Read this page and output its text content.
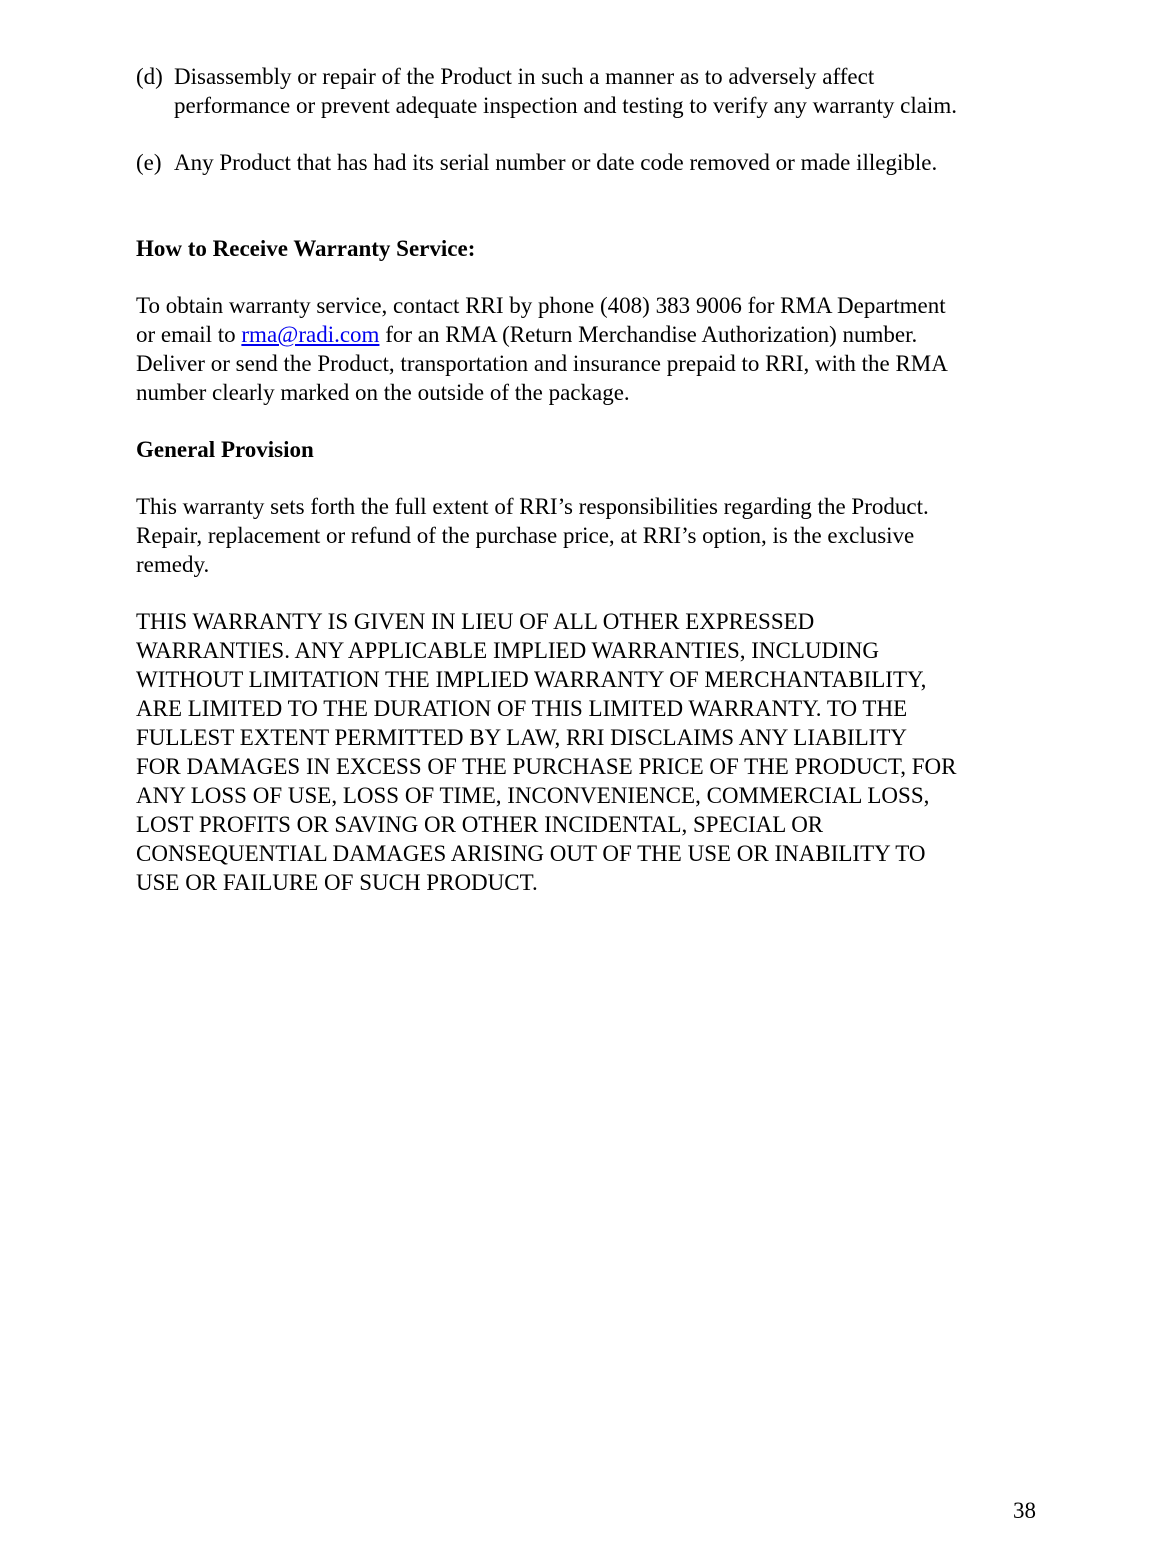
(d) Disassembly or repair of the Product in such a manner as to adversely affect
performance or prevent adequate inspection and testing to verify any warranty claim.
(e) Any Product that has had its serial number or date code removed or made illegible.
How to Receive Warranty Service:
To obtain warranty service, contact RRI by phone (408) 383 9006 for RMA Department
or email to rma@radi.com for an RMA (Return Merchandise Authorization) number.
Deliver or send the Product, transportation and insurance prepaid to RRI, with the RMA
number clearly marked on the outside of the package.
General Provision
This warranty sets forth the full extent of RRI’s responsibilities regarding the Product.
Repair, replacement or refund of the purchase price, at RRI’s option, is the exclusive
remedy.
THIS WARRANTY IS GIVEN IN LIEU OF ALL OTHER EXPRESSED
WARRANTIES. ANY APPLICABLE IMPLIED WARRANTIES, INCLUDING
WITHOUT LIMITATION THE IMPLIED WARRANTY OF MERCHANTABILITY,
ARE LIMITED TO THE DURATION OF THIS LIMITED WARRANTY. TO THE
FULLEST EXTENT PERMITTED BY LAW, RRI DISCLAIMS ANY LIABILITY
FOR DAMAGES IN EXCESS OF THE PURCHASE PRICE OF THE PRODUCT, FOR
ANY LOSS OF USE, LOSS OF TIME, INCONVENIENCE, COMMERCIAL LOSS,
LOST PROFITS OR SAVING OR OTHER INCIDENTAL, SPECIAL OR
CONSEQUENTIAL DAMAGES ARISING OUT OF THE USE OR INABILITY TO
USE OR FAILURE OF SUCH PRODUCT.
38
